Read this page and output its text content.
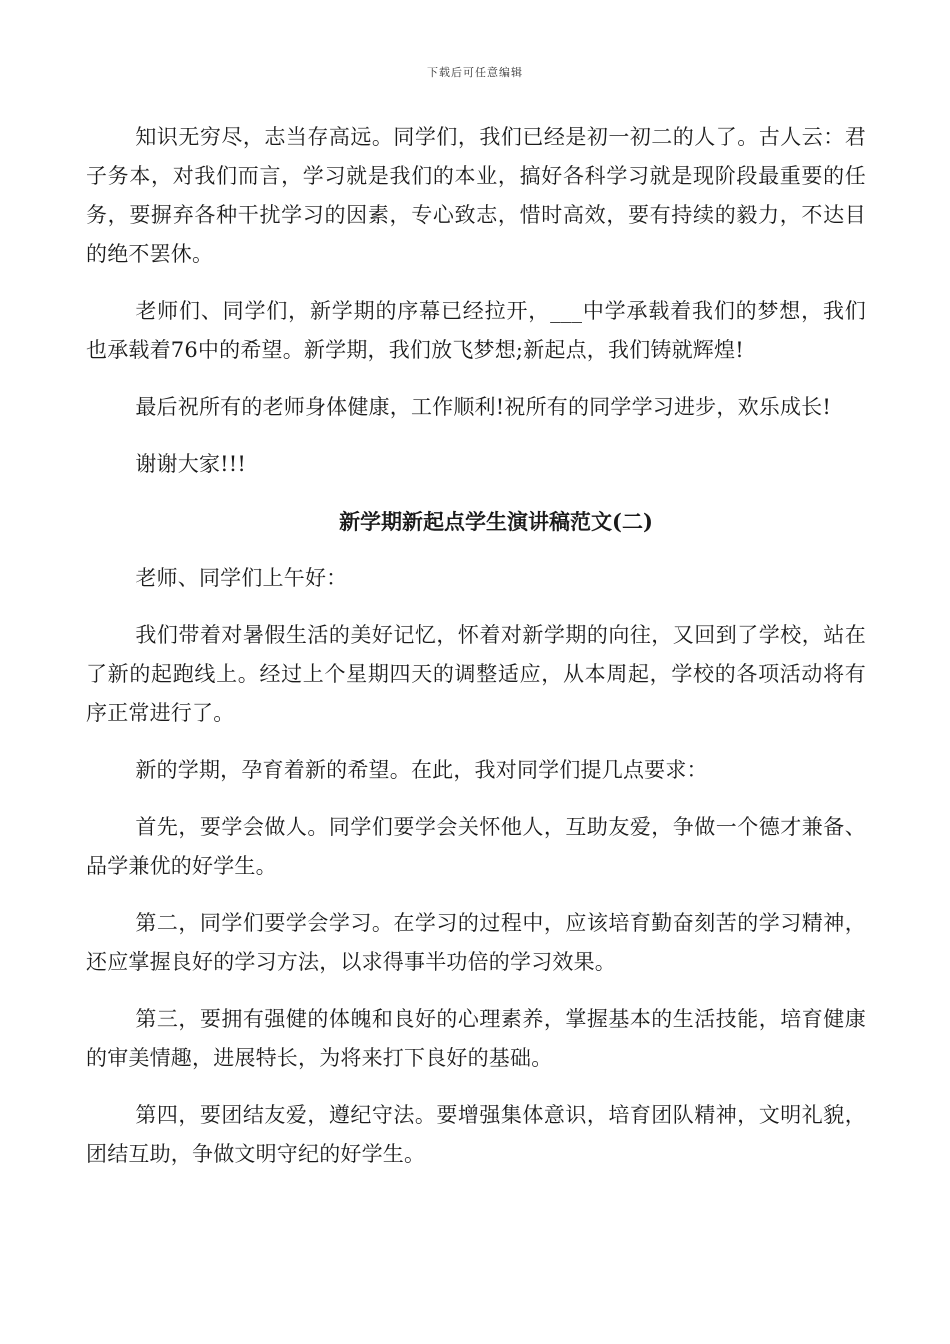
下载后可任意编辑

知识无穷尽，志当存高远。同学们，我们已经是初一初二的人了。古人云：君子务本，对我们而言，学习就是我们的本业，搞好各科学习就是现阶段最重要的任务，要摒弃各种干扰学习的因素，专心致志，惜时高效，要有持续的毅力，不达目的绝不罢休。

老师们、同学们，新学期的序幕已经拉开，___中学承载着我们的梦想，我们也承载着76中的希望。新学期，我们放飞梦想;新起点，我们铸就辉煌!

最后祝所有的老师身体健康，工作顺利!祝所有的同学学习进步，欢乐成长!

谢谢大家!!!

新学期新起点学生演讲稿范文(二)

老师、同学们上午好：

我们带着对暑假生活的美好记忆，怀着对新学期的向往，又回到了学校，站在了新的起跑线上。经过上个星期四天的调整适应，从本周起，学校的各项活动将有序正常进行了。

新的学期，孕育着新的希望。在此，我对同学们提几点要求：

首先，要学会做人。同学们要学会关怀他人，互助友爱，争做一个德才兼备、品学兼优的好学生。

第二，同学们要学会学习。在学习的过程中，应该培育勤奋刻苦的学习精神，还应掌握良好的学习方法，以求得事半功倍的学习效果。

第三，要拥有强健的体魄和良好的心理素养，掌握基本的生活技能，培育健康的审美情趣，进展特长，为将来打下良好的基础。

第四，要团结友爱，遵纪守法。要增强集体意识，培育团队精神，文明礼貌，团结互助，争做文明守纪的好学生。
